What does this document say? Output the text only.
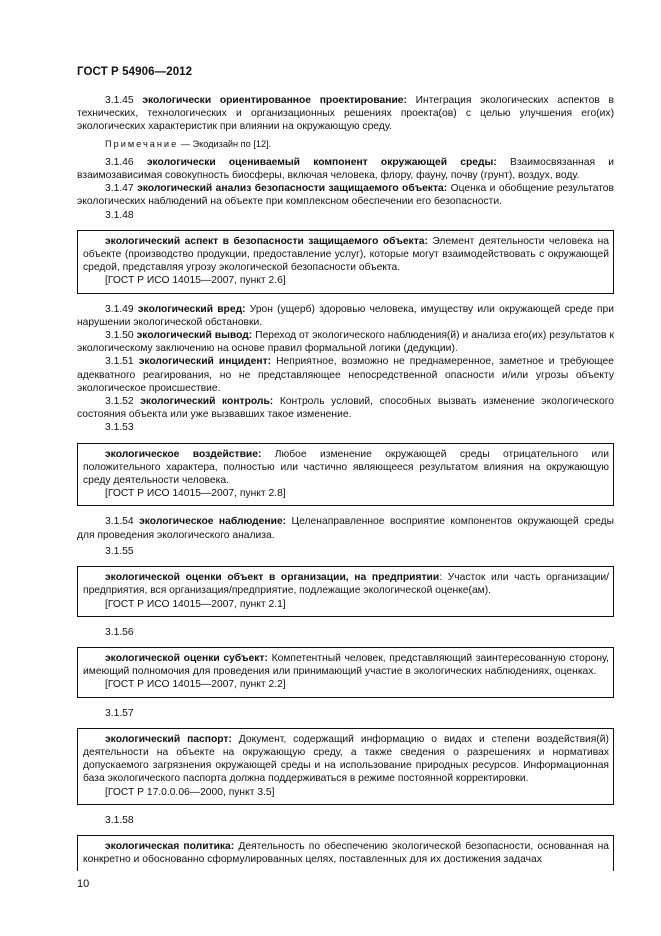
ГОСТ Р 54906—2012

3.1.45 экологически ориентированное проектирование: Интеграция экологических аспектов в технических, технологических и организационных решениях проекта(ов) с целью улучшения его(их) экологических характеристик при влиянии на окружающую среду.

Примечание — Экодизайн по [12].

3.1.46 экологически оцениваемый компонент окружающей среды: Взаимосвязанная и взаимозависимая совокупность биосферы, включая человека, флору, фауну, почву (грунт), воздух, воду.

3.1.47 экологический анализ безопасности защищаемого объекта: Оценка и обобщение результатов экологических наблюдений на объекте при комплексном обеспечении его безопасности.

3.1.48

экологический аспект в безопасности защищаемого объекта: Элемент деятельности человека на объекте (производство продукции, предоставление услуг), которые могут взаимодействовать с окружающей средой, представляя угрозу экологической безопасности объекта.

[ГОСТ Р ИСО 14015—2007, пункт 2.6]

3.1.49 экологический вред: Урон (ущерб) здоровью человека, имуществу или окружающей среде при нарушении экологической обстановки.

3.1.50 экологический вывод: Переход от экологического наблюдения(й) и анализа его(их) результатов к экологическому заключению на основе правил формальной логики (дедукции).

3.1.51 экологический инцидент: Неприятное, возможно не преднамеренное, заметное и требующее адекватного реагирования, но не представляющее непосредственной опасности и/или угрозы объекту экологическое происшествие.

3.1.52 экологический контроль: Контроль условий, способных вызвать изменение экологического состояния объекта или уже вызвавших такое изменение.

3.1.53

экологическое воздействие: Любое изменение окружающей среды отрицательного или положительного характера, полностью или частично являющееся результатом влияния на окружающую среду деятельности человека.

[ГОСТ Р ИСО 14015—2007, пункт 2.8]

3.1.54 экологическое наблюдение: Целенаправленное восприятие компонентов окружающей среды для проведения экологического анализа.

3.1.55

экологической оценки объект в организации, на предприятии: Участок или часть организации/предприятия, вся организация/предприятие, подлежащие экологической оценке(ам).

[ГОСТ Р ИСО 14015—2007, пункт 2.1]

3.1.56

экологической оценки субъект: Компетентный человек, представляющий заинтересованную сторону, имеющий полномочия для проведения или принимающий участие в экологических наблюдениях, оценках.

[ГОСТ Р ИСО 14015—2007, пункт 2.2]

3.1.57

экологический паспорт: Документ, содержащий информацию о видах и степени воздействия(й) деятельности на объекте на окружающую среду, а также сведения о разрешениях и нормативах допускаемого загрязнения окружающей среды и на использование природных ресурсов. Информационная база экологического паспорта должна поддерживаться в режиме постоянной корректировки.

[ГОСТ Р 17.0.0.06—2000, пункт 3.5]

3.1.58

экологическая политика: Деятельность по обеспечению экологической безопасности, основанная на конкретно и обоснованно сформулированных целях, поставленных для их достижения задачах

10
